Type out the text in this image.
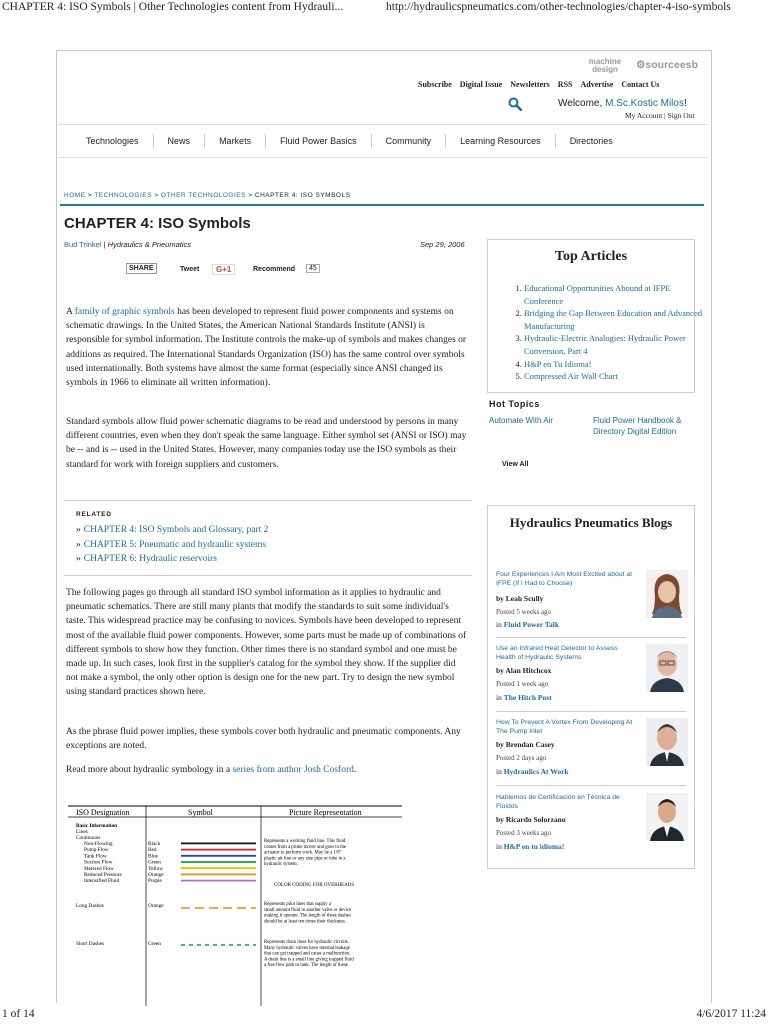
CHAPTER 4: ISO Symbols | Other Technologies content from Hydrauli...	http://hydraulicspneumatics.com/other-technologies/chapter-4-iso-symbols
1 of 14	4/6/2017 11:24
machine
design	⚙sourceesb
Subscribe Digital Issue Newsletters RSS Advertise Contact Us
Welcome, M.Sc.Kostic Milos!
My Account | Sign Out
Technologies	News	Markets	Fluid Power Basics	Community	Learning Resources	Directories
HOME > TECHNOLOGIES > OTHER TECHNOLOGIES > CHAPTER 4: ISO SYMBOLS
CHAPTER 4: ISO Symbols
Bud Trinkel | Hydraulics & Pneumatics	Sep 29, 2006
SHARE	Tweet	G+1	Recommend	45
A family of graphic symbols has been developed to represent fluid power components and systems on schematic drawings. In the United States, the American National Standards Institute (ANSI) is responsible for symbol information. The Institute controls the make-up of symbols and makes changes or additions as required. The International Standards Organization (ISO) has the same control over symbols used internationally. Both systems have almost the same format (especially since ANSI changed its symbols in 1966 to eliminate all written information).
Standard symbols allow fluid power schematic diagrams to be read and understood by persons in many different countries, even when they don't speak the same language. Either symbol set (ANSI or ISO) may be -- and is -- used in the United States. However, many companies today use the ISO symbols as their standard for work with foreign suppliers and customers.
RELATED
» CHAPTER 4: ISO Symbols and Glossary, part 2
» CHAPTER 5: Pneumatic and hydraulic systems
» CHAPTER 6: Hydraulic reservoirs
The following pages go through all standard ISO symbol information as it applies to hydraulic and pneumatic schematics. There are still many plants that modify the standards to suit some individual's taste. This widespread practice may be confusing to novices. Symbols have been developed to represent most of the available fluid power components. However, some parts must be made up of combinations of different symbols to show how they function. Other times there is no standard symbol and one must be made up. In such cases, look first in the supplier's catalog for the symbol they show. If the supplier did not make a symbol, the only other option is design one for the new part. Try to design the new symbol using standard practices shown here.
As the phrase fluid power implies, these symbols cover both hydraulic and pneumatic components. Any exceptions are noted.
Read more about hydraulic symbology in a series from author Josh Cosford.
ISO Designation	Symbol	Picture Representation
Basic Information
Lines
Continuous
Non-Flowing	Black
Pump Flow	Red
Tank Flow	Blue
Suction Flow	Green
Metered Flow	Yellow
Reduced Pressure	Orange
Intensified Fluid	Purple
Represents a working fluid line. This fluid
comes from a prime mover and goes to the
actuator to perform work. May be a 1/8"
plastic air line or any size pipe or tube in a
hydraulic system.
COLOR CODING FOR OVERHEADS
Long Dashes	Orange	Represents pilot lines that supply a
small amount fluid to another valve or device
making it operate. The length of these dashes
should be at least ten times their thickness.
Short Dashes	Green	Represents drain lines for hydraulic circuits.
Many hydraulic valves have internal leakage
that can get trapped and cause a malfunction.
A drain line is a small line giving trapped fluid
a free flow path to tank. The length of these
Top Articles
1. Educational Opportunities Abound at IFPE Conference
2. Bridging the Gap Between Education and Advanced Manufacturing
3. Hydraulic-Electric Analogies: Hydraulic Power Conversion, Part 4
4. H&P en Tu Idioma!
5. Compressed Air Wall Chart
Hot Topics
Automate With Air	Fluid Power Handbook & Directory Digital Edition
View All
Hydraulics Pneumatics Blogs
Four Experiences I Am Most Excited about at IFPE (If I Had to Choose)
by Leah Scully
Posted 5 weeks ago
in Fluid Power Talk
Use an Infrared Heat Detector to Assess Health of Hydraulic Systems
by Alan Hitchcox
Posted 1 week ago
in The Hitch Post
How To Prevent A Vortex From Developing At The Pump Inlet
by Brendan Casey
Posted 2 days ago
in Hydraulics At Work
Hablemos de Certificación en Técnica de Fluidos
by Ricardo Solorzano
Posted 3 weeks ago
in H&P en tu idioma!
